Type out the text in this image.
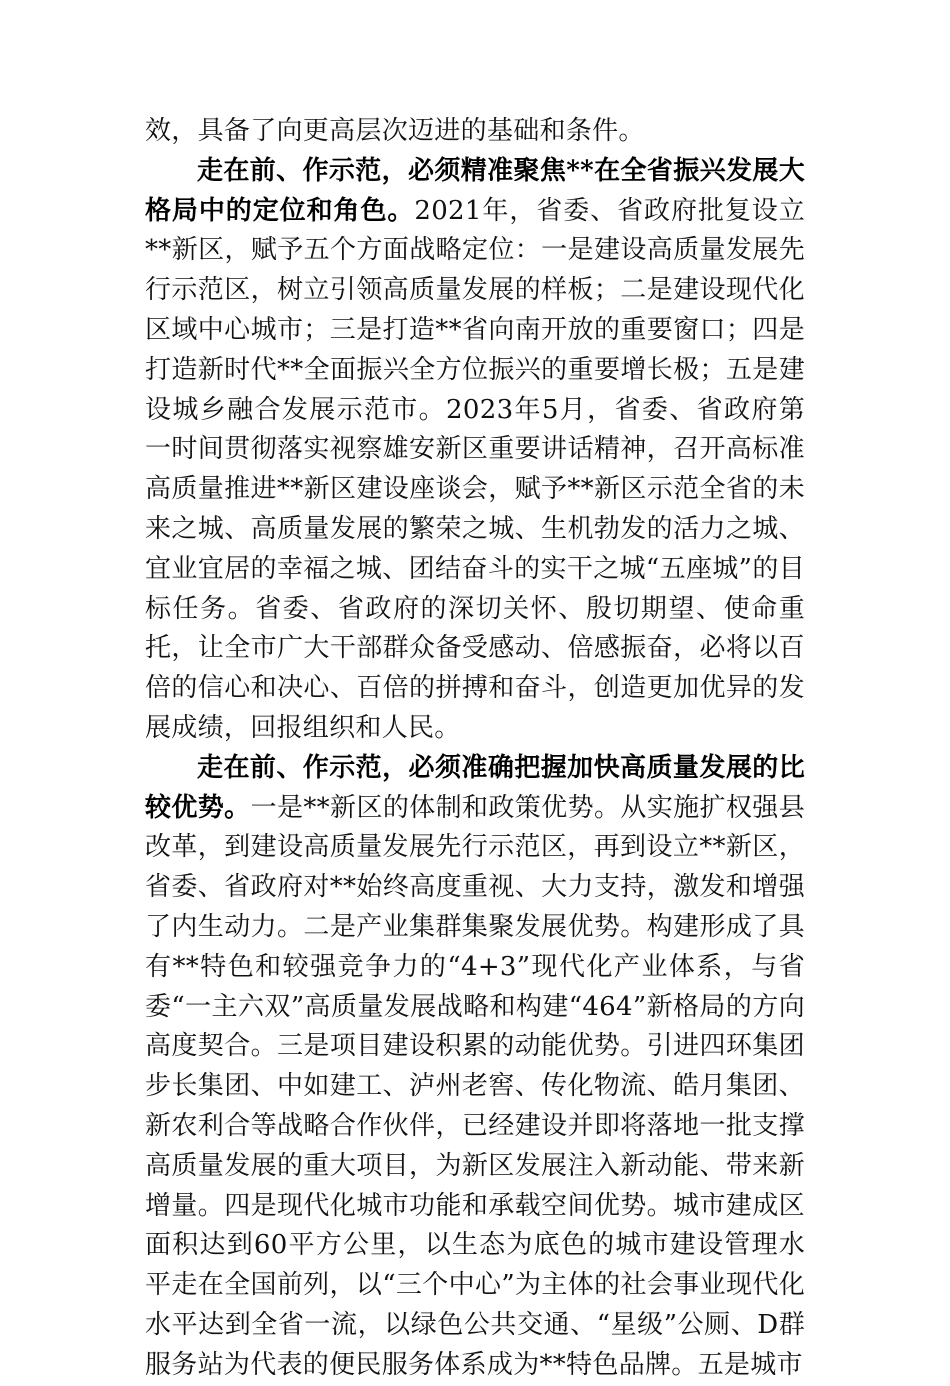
效，具备了向更高层次迈进的基础和条件。

走在前、作示范，必须精准聚焦**在全省振兴发展大格局中的定位和角色。2021年，省委、省政府批复设立**新区，赋予五个方面战略定位：一是建设高质量发展先行示范区，树立引领高质量发展的样板；二是建设现代化区域中心城市；三是打造**省向南开放的重要窗口；四是打造新时代**全面振兴全方位振兴的重要增长极；五是建设城乡融合发展示范市。2023年5月，省委、省政府第一时间贯彻落实视察雄安新区重要讲话精神，召开高标准高质量推进**新区建设座谈会，赋予**新区示范全省的未来之城、高质量发展的繁荣之城、生机勃发的活力之城、宜业宜居的幸福之城、团结奋斗的实干之城“五座城”的目标任务。省委、省政府的深切关怀、殷切期望、使命重托，让全市广大干部群众备受感动、倍感振奋，必将以百倍的信心和决心、百倍的拼搏和奋斗，创造更加优异的发展成绩，回报组织和人民。

走在前、作示范，必须准确把握加快高质量发展的比较优势。一是**新区的体制和政策优势。从实施扩权强县改革，到建设高质量发展先行示范区，再到设立**新区，省委、省政府对**始终高度重视、大力支持，激发和增强了内生动力。二是产业集群集聚发展优势。构建形成了具有**特色和较强竞争力的“4+3”现代化产业体系，与省委“一主六双”高质量发展战略和构建“464”新格局的方向高度契合。三是项目建设积累的动能优势。引进四环集团步长集团、中如建工、泸州老窖、传化物流、皓月集团、新农利合等战略合作伙伴，已经建设并即将落地一批支撑高质量发展的重大项目，为新区发展注入新动能、带来新增量。四是现代化城市功能和承载空间优势。城市建成区面积达到60平方公里，以生态为底色的城市建设管理水平走在全国前列，以“三个中心”为主体的社会事业现代化水平达到全省一流，以绿色公共交通、“星级”公厕、D群服务站为代表的便民服务体系成为**特色品牌。五是城市
